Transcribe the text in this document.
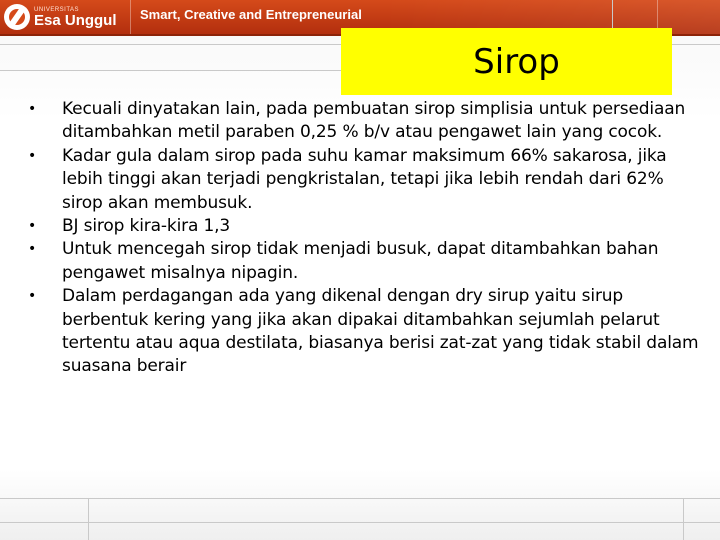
UNIVERSITAS
Esa Unggul Smart, Creative and Entrepreneurial
Sirop
• Kecuali dinyatakan lain, pada pembuatan sirop simplisia untuk persediaan ditambahkan metil paraben 0,25 % b/v atau pengawet lain yang cocok.
• Kadar gula dalam sirop pada suhu kamar maksimum 66% sakarosa, jika lebih tinggi akan terjadi pengkristalan, tetapi jika lebih rendah dari 62% sirop akan membusuk.
• BJ sirop kira-kira 1,3
• Untuk mencegah sirop tidak menjadi busuk, dapat ditambahkan bahan pengawet misalnya nipagin.
• Dalam perdagangan ada yang dikenal dengan dry sirup yaitu sirup berbentuk kering yang jika akan dipakai ditambahkan sejumlah pelarut tertentu atau aqua destilata, biasanya berisi zat-zat yang tidak stabil dalam suasana berair
